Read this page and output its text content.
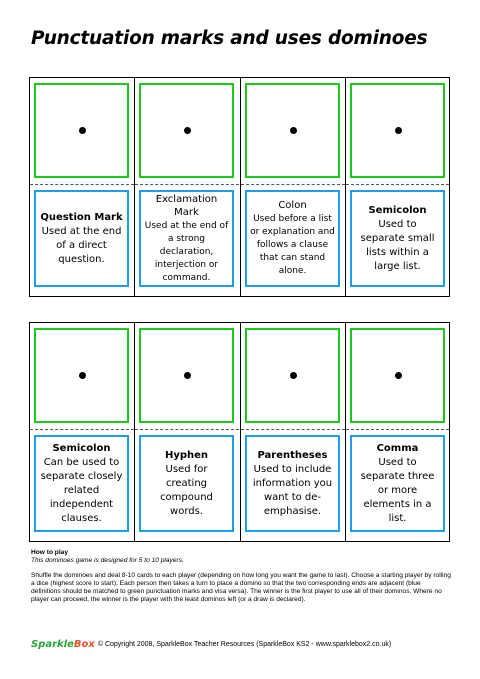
Punctuation marks and uses dominoes
Question Mark
Used at the end of a direct question.
Exclamation Mark
Used at the end of a strong declaration, interjection or command.
Colon
Used before a list or explanation and follows a clause that can stand alone.
Semicolon
Used to separate small lists within a large list.
Semicolon
Can be used to separate closely related independent clauses.
Hyphen
Used for creating compound words.
Parentheses
Used to include information you want to de-emphasise.
Comma
Used to separate three or more elements in a list.

How to play

This dominoes game is designed for 5 to 10 players.

Shuffle the dominoes and deal 8-10 cards to each player (depending on how long you want the game to last). Choose a starting player by rolling a dice (highest score to start). Each person then takes a turn to place a domino so that the two corresponding ends are adjacent (blue definitions should be matched to green punctuation marks and visa versa). The winner is the first player to use all of their dominos. Where no player can proceed, the winner is the player with the least dominos left (or a draw is declared).

SparkleBox © Copyright 2008, SparkleBox Teacher Resources (SparkleBox KS2 - www.sparklebox2.co.uk)
